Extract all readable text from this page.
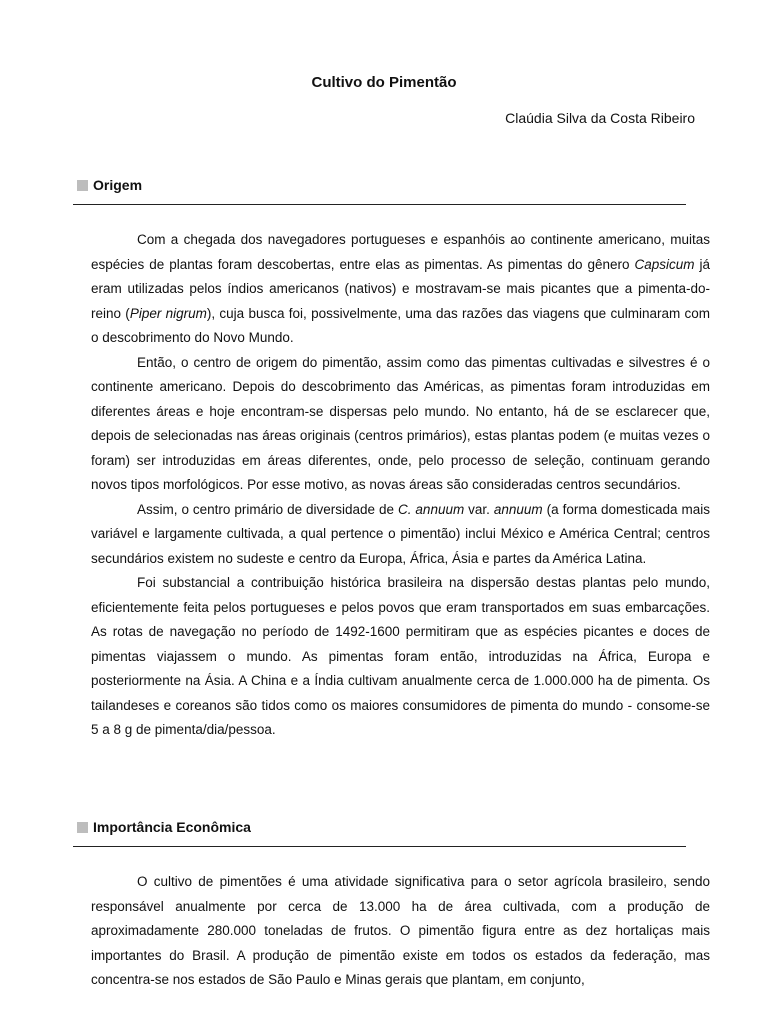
Cultivo do Pimentão

Claúdia Silva da Costa Ribeiro

Origem

Com a chegada dos navegadores portugueses e espanhóis ao continente americano, muitas espécies de plantas foram descobertas, entre elas as pimentas. As pimentas do gênero Capsicum já eram utilizadas pelos índios americanos (nativos) e mostravam-se mais picantes que a pimenta-do-reino (Piper nigrum), cuja busca foi, possivelmente, uma das razões das viagens que culminaram com o descobrimento do Novo Mundo.

Então, o centro de origem do pimentão, assim como das pimentas cultivadas e silvestres é o continente americano. Depois do descobrimento das Américas, as pimentas foram introduzidas em diferentes áreas e hoje encontram-se dispersas pelo mundo. No entanto, há de se esclarecer que, depois de selecionadas nas áreas originais (centros primários), estas plantas podem (e muitas vezes o foram) ser introduzidas em áreas diferentes, onde, pelo processo de seleção, continuam gerando novos tipos morfológicos. Por esse motivo, as novas áreas são consideradas centros secundários.

Assim, o centro primário de diversidade de C. annuum var. annuum (a forma domesticada mais variável e largamente cultivada, a qual pertence o pimentão) inclui México e América Central; centros secundários existem no sudeste e centro da Europa, África, Ásia e partes da América Latina.

Foi substancial a contribuição histórica brasileira na dispersão destas plantas pelo mundo, eficientemente feita pelos portugueses e pelos povos que eram transportados em suas embarcações. As rotas de navegação no período de 1492-1600 permitiram que as espécies picantes e doces de pimentas viajassem o mundo. As pimentas foram então, introduzidas na África, Europa e posteriormente na Ásia. A China e a Índia cultivam anualmente cerca de 1.000.000 ha de pimenta. Os tailandeses e coreanos são tidos como os maiores consumidores de pimenta do mundo - consome-se 5 a 8 g de pimenta/dia/pessoa.

Importância Econômica

O cultivo de pimentões é uma atividade significativa para o setor agrícola brasileiro, sendo responsável anualmente por cerca de 13.000 ha de área cultivada, com a produção de aproximadamente 280.000 toneladas de frutos. O pimentão figura entre as dez hortaliças mais importantes do Brasil. A produção de pimentão existe em todos os estados da federação, mas concentra-se nos estados de São Paulo e Minas gerais que plantam, em conjunto,
